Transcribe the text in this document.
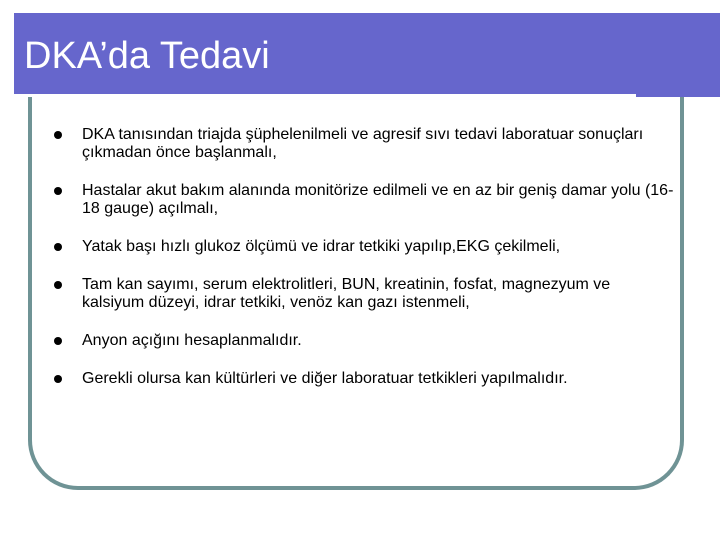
DKA’da Tedavi
DKA tanısından triajda şüphelenilmeli ve agresif sıvı tedavi laboratuar sonuçları çıkmadan önce başlanmalı,
Hastalar akut bakım alanında monitörize edilmeli ve en az bir geniş damar yolu (16-18 gauge) açılmalı,
Yatak başı hızlı glukoz ölçümü ve idrar tetkiki yapılıp,EKG çekilmeli,
Tam kan sayımı, serum elektrolitleri, BUN, kreatinin, fosfat, magnezyum ve kalsiyum düzeyi, idrar tetkiki, venöz kan gazı istenmeli,
Anyon açığını hesaplanmalıdır.
Gerekli olursa kan kültürleri ve diğer laboratuar tetkikleri yapılmalıdır.
